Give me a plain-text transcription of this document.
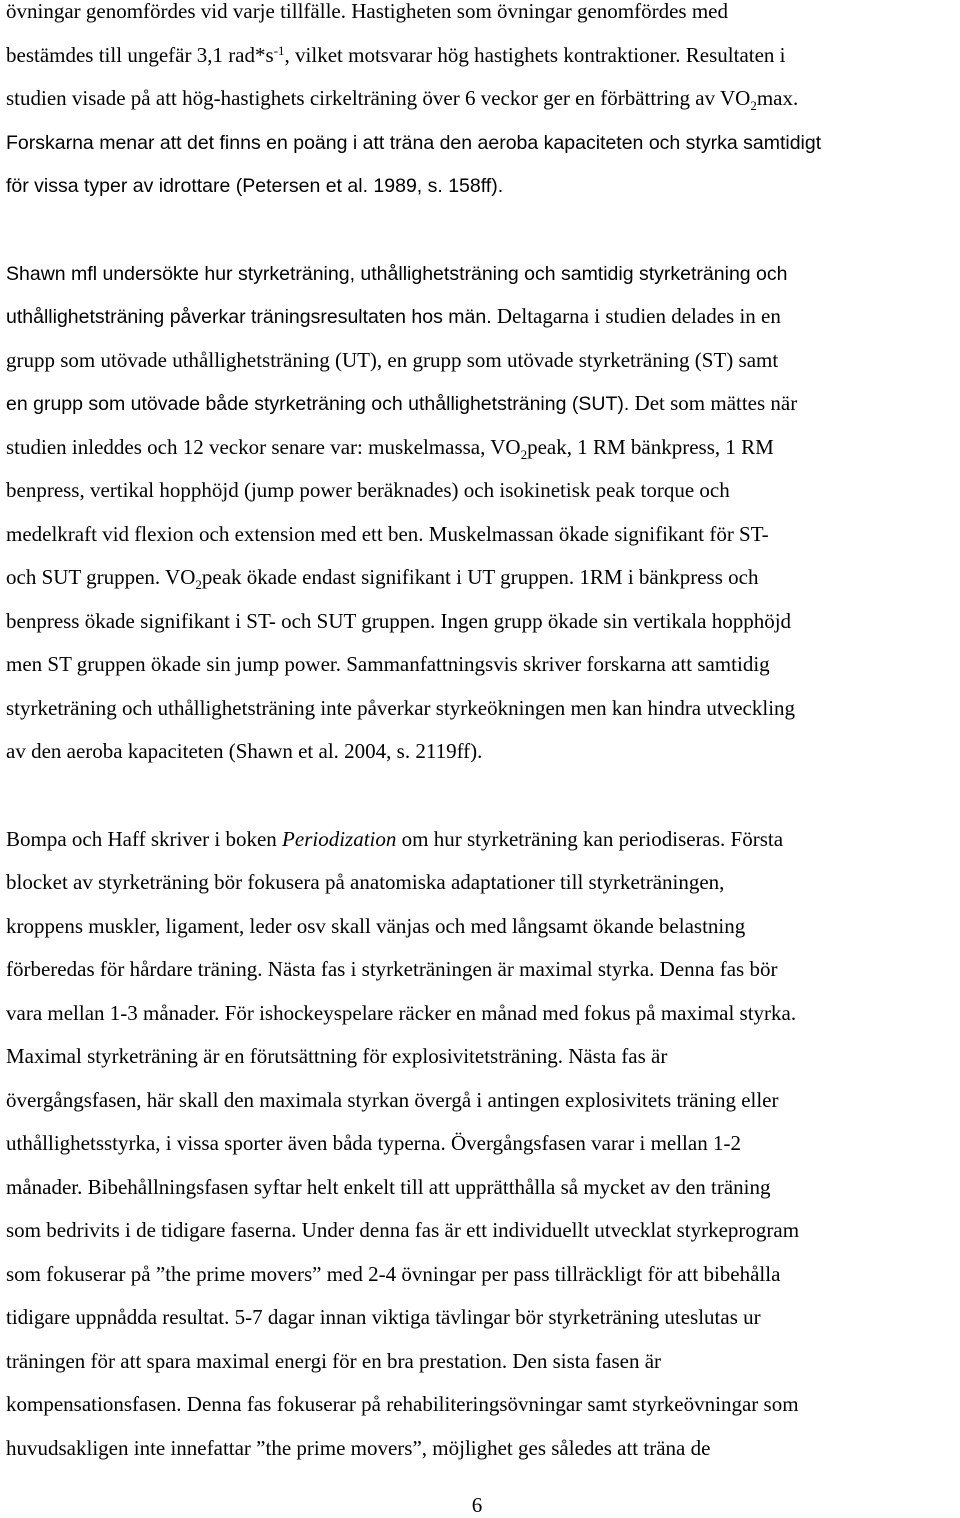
övningar genomfördes vid varje tillfälle. Hastigheten som övningar genomfördes med
bestämdes till ungefär 3,1 $rad*s^{-1}$, vilket motsvarar hög hastighets kontraktioner. Resultaten i
studien visade på att hög-hastighets cirkelträning över 6 veckor ger en förbättring av $VO_2\max$.
Forskarna menar att det finns en poäng i att träna den aeroba kapaciteten och styrka samtidigt
för vissa typer av idrottare (Petersen et al. 1989, s. 158ff).
Shawn mfl undersökte hur styrketräning, uthållighetsträning och samtidig styrketräning och
uthållighetsträning påverkar träningsresultaten hos män. Deltagarna i studien delades in en
grupp som utövade uthållighetsträning (UT), en grupp som utövade styrketräning (ST) samt
en grupp som utövade både styrketräning och uthållighetsträning (SUT). Det som mättes när
studien inleddes och 12 veckor senare var: muskelmassa, $VO_2peak$, 1 RM bänkpress, 1 RM
benpress, vertikal hopphöjd (jump power beräknades) och isokinetisk peak torque och
medelkraft vid flexion och extension med ett ben. Muskelmassan ökade signifikant för ST-
och SUT gruppen. $VO_2peak$ ökade endast signifikant i UT gruppen. 1RM i bänkpress och
benpress ökade signifikant i ST- och SUT gruppen. Ingen grupp ökade sin vertikala hopphöjd
men ST gruppen ökade sin jump power. Sammanfattningsvis skriver forskarna att samtidig
styrketräning och uthållighetsträning inte påverkar styrkeökningen men kan hindra utveckling
av den aeroba kapaciteten (Shawn et al. 2004, s. 2119ff).
Bompa och Haff skriver i boken Periodization om hur styrketräning kan periodiseras. Första
blocket av styrketräning bör fokusera på anatomiska adaptationer till styrketräningen,
kroppens muskler, ligament, leder osv skall vänjas och med långsamt ökande belastning
förberedas för hårdare träning. Nästa fas i styrketräningen är maximal styrka. Denna fas bör
vara mellan 1-3 månader. För ishockeyspelare räcker en månad med fokus på maximal styrka.
Maximal styrketräning är en förutsättning för explosivitetsträning. Nästa fas är
övergångsfasen, här skall den maximala styrkan övergå i antingen explosivitets träning eller
uthållighetsstyrka, i vissa sporter även båda typerna. Övergångsfasen varar i mellan 1-2
månader. Bibehållningsfasen syftar helt enkelt till att upprätthålla så mycket av den träning
som bedrivits i de tidigare faserna. Under denna fas är ett individuellt utvecklat styrkeprogram
som fokuserar på ”the prime movers” med 2-4 övningar per pass tillräckligt för att bibehålla
tidigare uppnådda resultat. 5-7 dagar innan viktiga tävlingar bör styrketräning uteslutas ur
träningen för att spara maximal energi för en bra prestation. Den sista fasen är
kompensationsfasen. Denna fas fokuserar på rehabiliteringsövningar samt styrkeövningar som
huvudsakligen inte innefattar ”the prime movers”, möjlighet ges således att träna de
6
